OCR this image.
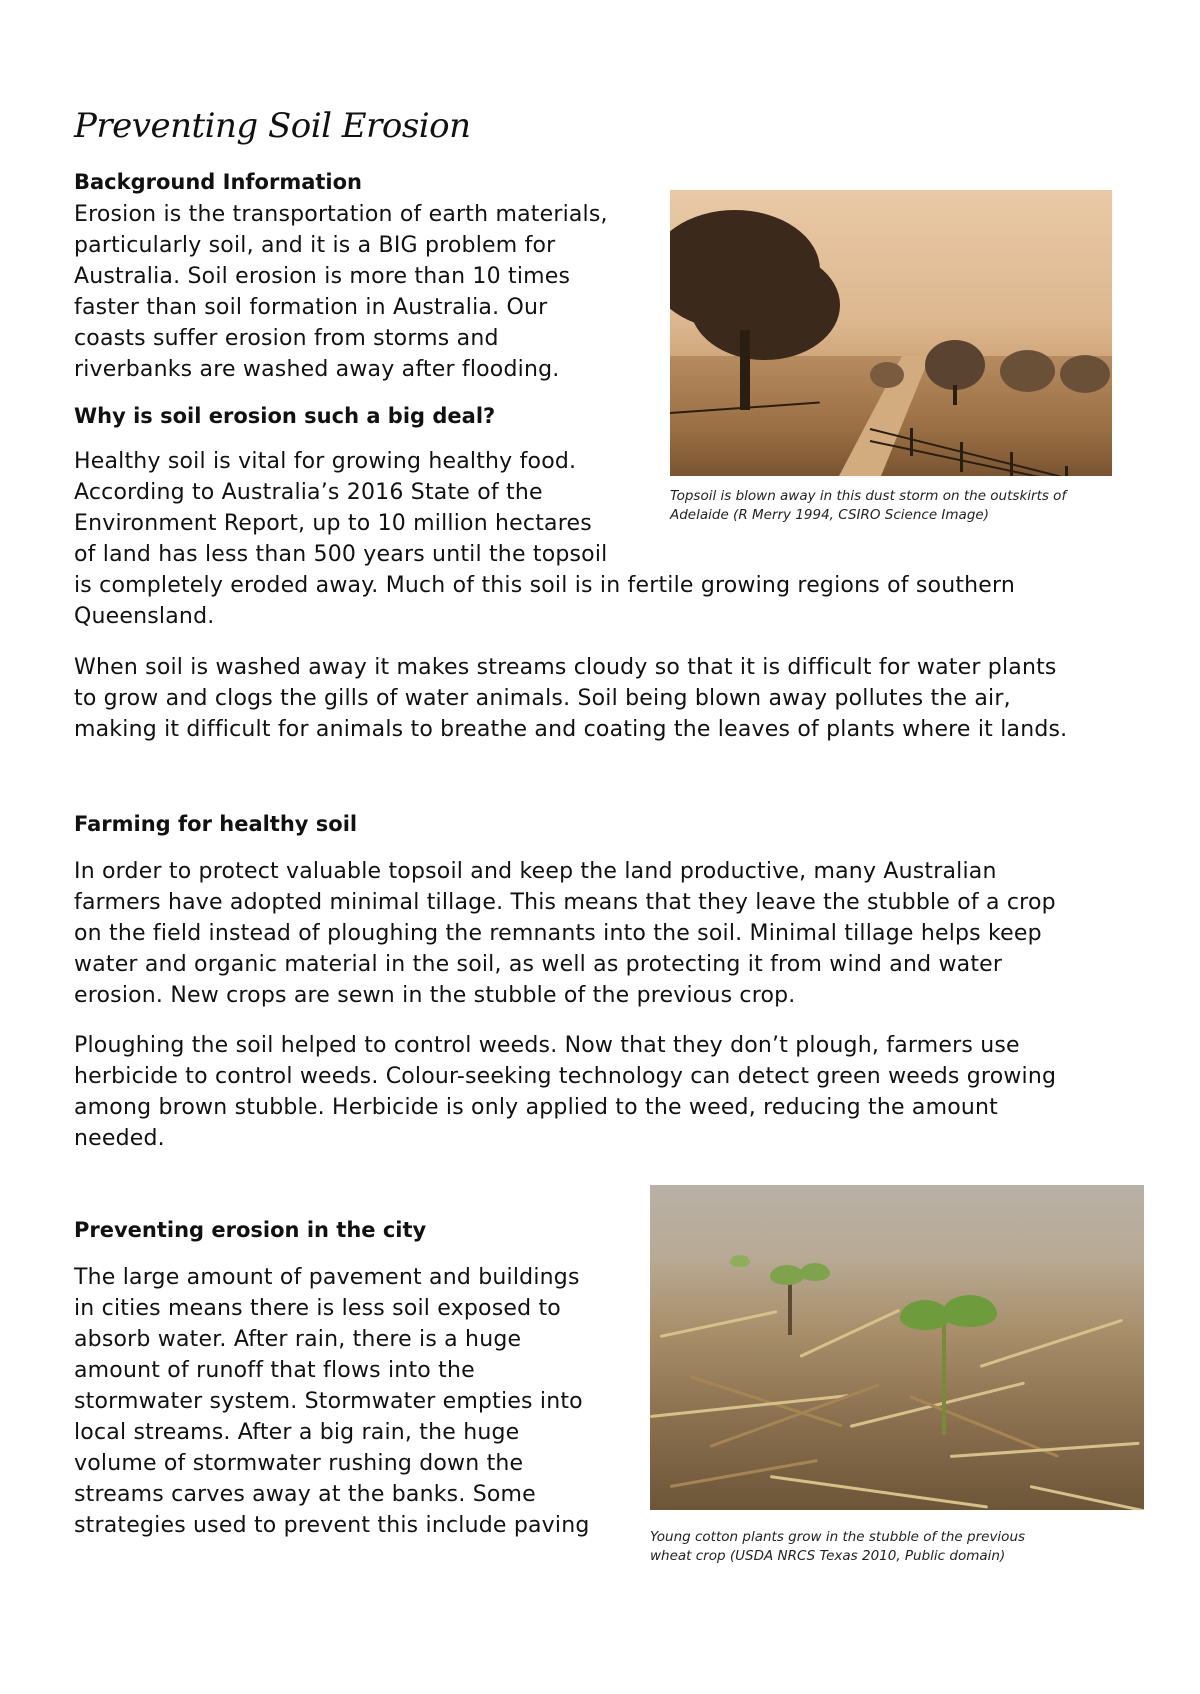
Preventing Soil Erosion
Background Information
Erosion is the transportation of earth materials,
particularly soil, and it is a BIG problem for
Australia. Soil erosion is more than 10 times
faster than soil formation in Australia. Our
coasts suffer erosion from storms and
riverbanks are washed away after flooding.
Why is soil erosion such a big deal?
Healthy soil is vital for growing healthy food.
According to Australia’s 2016 State of the
Environment Report, up to 10 million hectares
of land has less than 500 years until the topsoil
is completely eroded away. Much of this soil is in fertile growing regions of southern
Queensland.
When soil is washed away it makes streams cloudy so that it is difficult for water plants
to grow and clogs the gills of water animals. Soil being blown away pollutes the air,
making it difficult for animals to breathe and coating the leaves of plants where it lands.
Topsoil is blown away in this dust storm on the outskirts of
Adelaide (R Merry 1994, CSIRO Science Image)
Farming for healthy soil
In order to protect valuable topsoil and keep the land productive, many Australian
farmers have adopted minimal tillage. This means that they leave the stubble of a crop
on the field instead of ploughing the remnants into the soil. Minimal tillage helps keep
water and organic material in the soil, as well as protecting it from wind and water
erosion. New crops are sewn in the stubble of the previous crop.
Ploughing the soil helped to control weeds. Now that they don’t plough, farmers use
herbicide to control weeds. Colour-seeking technology can detect green weeds growing
among brown stubble. Herbicide is only applied to the weed, reducing the amount
needed.
Preventing erosion in the city
The large amount of pavement and buildings
in cities means there is less soil exposed to
absorb water. After rain, there is a huge
amount of runoff that flows into the
stormwater system. Stormwater empties into
local streams. After a big rain, the huge
volume of stormwater rushing down the
streams carves away at the banks. Some
strategies used to prevent this include paving	Young cotton plants grow in the stubble of the previous
wheat crop (USDA NRCS Texas 2010, Public domain)
